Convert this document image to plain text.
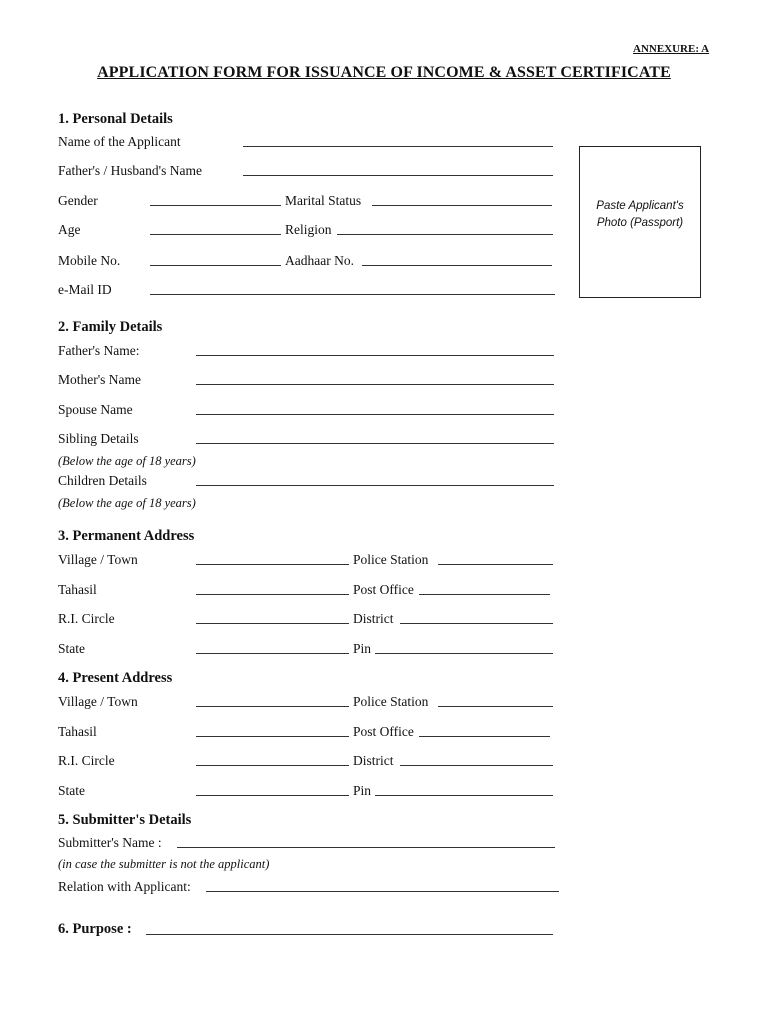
ANNEXURE: A
APPLICATION FORM FOR ISSUANCE OF INCOME & ASSET CERTIFICATE
Paste Applicant's
Photo (Passport)
1. Personal Details
Name of the Applicant
Father's / Husband's Name
Gender	Marital Status
Age	Religion
Mobile No.	Aadhaar No.
e-Mail ID
2. Family Details
Father's Name:
Mother's Name
Spouse Name
Sibling Details
(Below the age of 18 years)
Children Details
(Below the age of 18 years)
3. Permanent Address
Village / Town	Police Station
Tahasil	Post Office
R.I. Circle	District
State	Pin
4. Present Address
Village / Town	Police Station
Tahasil	Post Office
R.I. Circle	District
State	Pin
5. Submitter's Details
Submitter's Name :
(in case the submitter is not the applicant)
Relation with Applicant:
6. Purpose :
